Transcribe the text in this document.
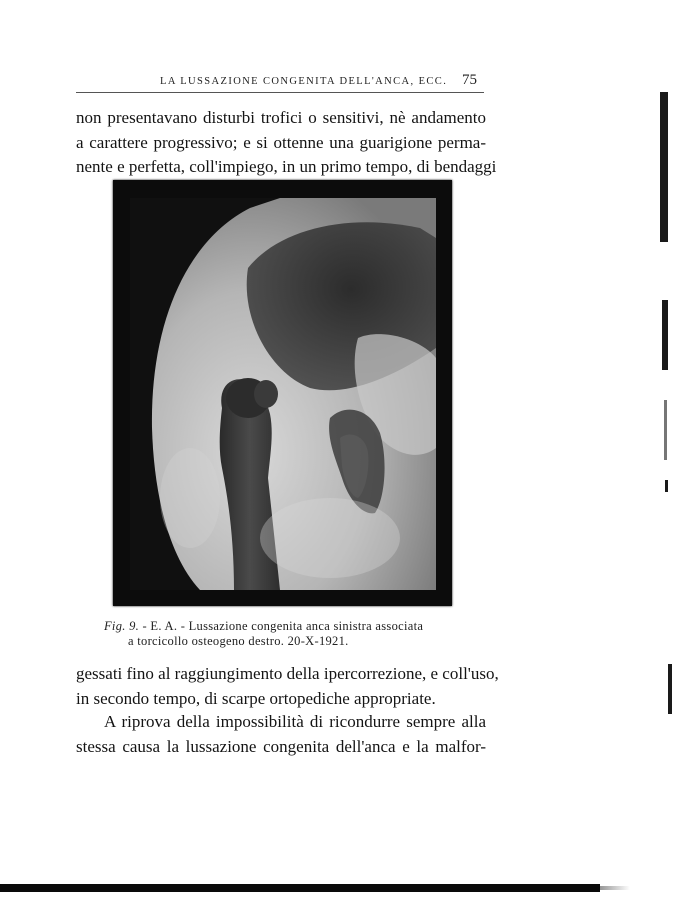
LA LUSSAZIONE CONGENITA DELL'ANCA, ECC. 75
non presentavano disturbi trofici o sensitivi, nè andamento
a carattere progressivo; e si ottenne una guarigione perma-
nente e perfetta, coll'impiego, in un primo tempo, di bendaggi
Fig. 9. - E. A. - Lussazione congenita anca sinistra associata
a torcicollo osteogeno destro. 20-X-1921.
gessati fino al raggiungimento della ipercorrezione, e coll'uso,
in secondo tempo, di scarpe ortopediche appropriate.
A riprova della impossibilità di ricondurre sempre alla
stessa causa la lussazione congenita dell'anca e la malfor-
